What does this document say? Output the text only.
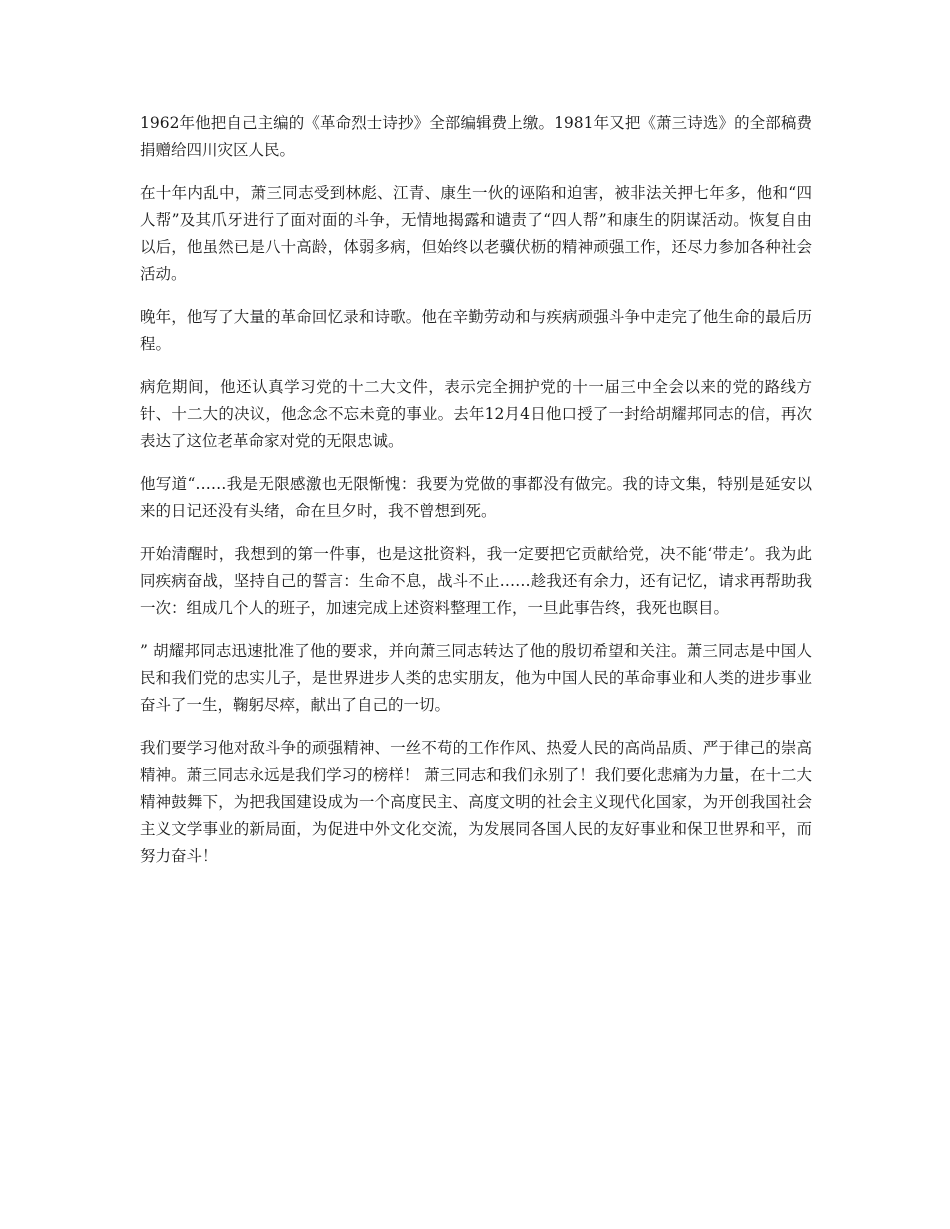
1962年他把自己主编的《革命烈士诗抄》全部编辑费上缴。1981年又把《萧三诗选》的全部稿费捐赠给四川灾区人民。

在十年内乱中，萧三同志受到林彪、江青、康生一伙的诬陷和迫害，被非法关押七年多，他和“四人帮”及其爪牙进行了面对面的斗争，无情地揭露和谴责了“四人帮”和康生的阴谋活动。恢复自由以后，他虽然已是八十高龄，体弱多病，但始终以老骥伏枥的精神顽强工作，还尽力参加各种社会活动。

晚年，他写了大量的革命回忆录和诗歌。他在辛勤劳动和与疾病顽强斗争中走完了他生命的最后历程。

病危期间，他还认真学习党的十二大文件，表示完全拥护党的十一届三中全会以来的党的路线方针、十二大的决议，他念念不忘未竟的事业。去年12月4日他口授了一封给胡耀邦同志的信，再次表达了这位老革命家对党的无限忠诚。

他写道“……我是无限感激也无限惭愧：我要为党做的事都没有做完。我的诗文集，特别是延安以来的日记还没有头绪，命在旦夕时，我不曾想到死。

开始清醒时，我想到的第一件事，也是这批资料，我一定要把它贡献给党，决不能‘带走’。我为此同疾病奋战，坚持自己的誓言：生命不息，战斗不止……趁我还有余力，还有记忆，请求再帮助我一次：组成几个人的班子，加速完成上述资料整理工作，一旦此事告终，我死也瞑目。

” 胡耀邦同志迅速批准了他的要求，并向萧三同志转达了他的殷切希望和关注。萧三同志是中国人民和我们党的忠实儿子，是世界进步人类的忠实朋友，他为中国人民的革命事业和人类的进步事业奋斗了一生，鞠躬尽瘁，献出了自己的一切。

我们要学习他对敌斗争的顽强精神、一丝不苟的工作作风、热爱人民的高尚品质、严于律己的崇高精神。萧三同志永远是我们学习的榜样！ 萧三同志和我们永别了！我们要化悲痛为力量，在十二大精神鼓舞下，为把我国建设成为一个高度民主、高度文明的社会主义现代化国家，为开创我国社会主义文学事业的新局面，为促进中外文化交流，为发展同各国人民的友好事业和保卫世界和平，而努力奋斗！
